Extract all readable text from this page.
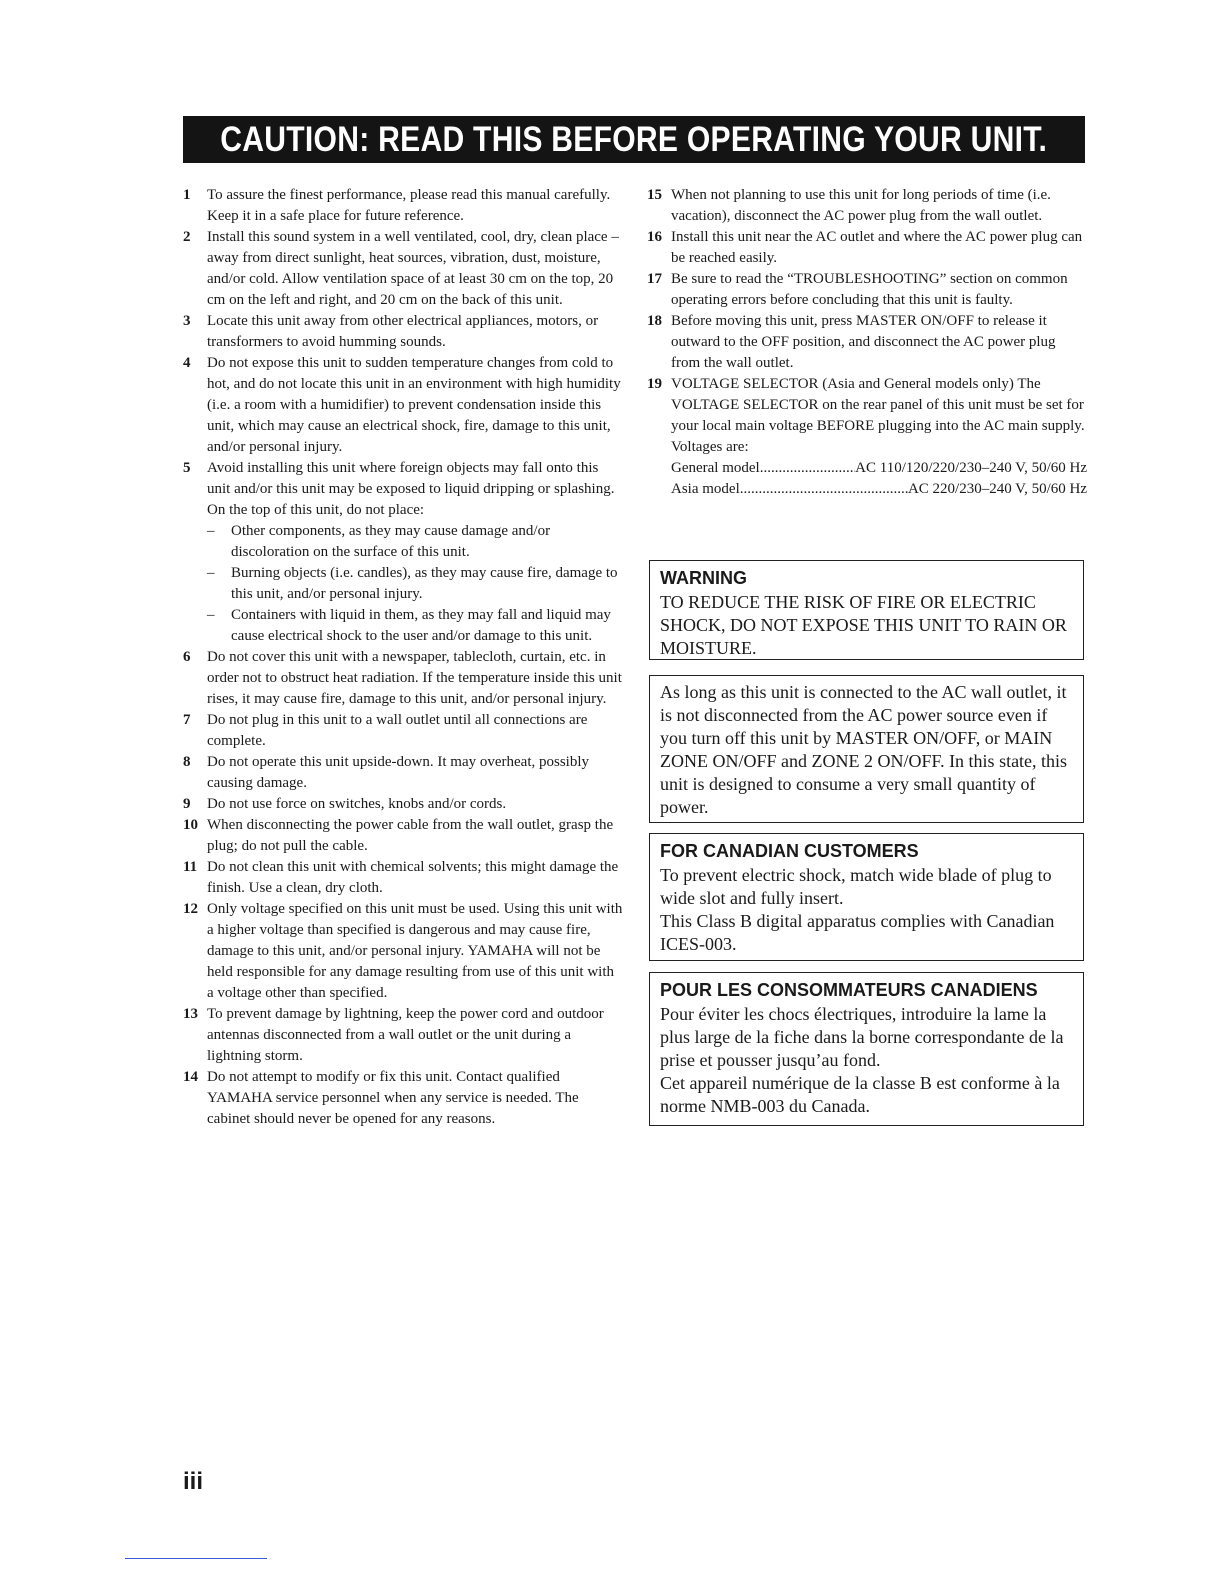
CAUTION: READ THIS BEFORE OPERATING YOUR UNIT.
1	To assure the finest performance, please read this manual carefully. Keep it in a safe place for future reference.
2	Install this sound system in a well ventilated, cool, dry, clean place – away from direct sunlight, heat sources, vibration, dust, moisture, and/or cold. Allow ventilation space of at least 30 cm on the top, 20 cm on the left and right, and 20 cm on the back of this unit.
3	Locate this unit away from other electrical appliances, motors, or transformers to avoid humming sounds.
4	Do not expose this unit to sudden temperature changes from cold to hot, and do not locate this unit in an environment with high humidity (i.e. a room with a humidifier) to prevent condensation inside this unit, which may cause an electrical shock, fire, damage to this unit, and/or personal injury.
5	Avoid installing this unit where foreign objects may fall onto this unit and/or this unit may be exposed to liquid dripping or splashing. On the top of this unit, do not place:
–	Other components, as they may cause damage and/or discoloration on the surface of this unit.
–	Burning objects (i.e. candles), as they may cause fire, damage to this unit, and/or personal injury.
–	Containers with liquid in them, as they may fall and liquid may cause electrical shock to the user and/or damage to this unit.
6	Do not cover this unit with a newspaper, tablecloth, curtain, etc. in order not to obstruct heat radiation. If the temperature inside this unit rises, it may cause fire, damage to this unit, and/or personal injury.
7	Do not plug in this unit to a wall outlet until all connections are complete.
8	Do not operate this unit upside-down. It may overheat, possibly causing damage.
9	Do not use force on switches, knobs and/or cords.
10 When disconnecting the power cable from the wall outlet, grasp the plug; do not pull the cable.
11 Do not clean this unit with chemical solvents; this might damage the finish. Use a clean, dry cloth.
12 Only voltage specified on this unit must be used. Using this unit with a higher voltage than specified is dangerous and may cause fire, damage to this unit, and/or personal injury. YAMAHA will not be held responsible for any damage resulting from use of this unit with a voltage other than specified.
13 To prevent damage by lightning, keep the power cord and outdoor antennas disconnected from a wall outlet or the unit during a lightning storm.
14 Do not attempt to modify or fix this unit. Contact qualified YAMAHA service personnel when any service is needed. The cabinet should never be opened for any reasons.
15 When not planning to use this unit for long periods of time (i.e. vacation), disconnect the AC power plug from the wall outlet.
16 Install this unit near the AC outlet and where the AC power plug can be reached easily.
17 Be sure to read the “TROUBLESHOOTING” section on common operating errors before concluding that this unit is faulty.
18 Before moving this unit, press MASTER ON/OFF to release it outward to the OFF position, and disconnect the AC power plug from the wall outlet.
19 VOLTAGE SELECTOR (Asia and General models only) The VOLTAGE SELECTOR on the rear panel of this unit must be set for your local main voltage BEFORE plugging into the AC main supply. Voltages are:
General model .....	AC 110/120/220/230–240 V, 50/60 Hz
Asia model .....	AC 220/230–240 V, 50/60 Hz
WARNING
TO REDUCE THE RISK OF FIRE OR ELECTRIC SHOCK, DO NOT EXPOSE THIS UNIT TO RAIN OR MOISTURE.
As long as this unit is connected to the AC wall outlet, it is not disconnected from the AC power source even if you turn off this unit by MASTER ON/OFF, or MAIN ZONE ON/OFF and ZONE 2 ON/OFF. In this state, this unit is designed to consume a very small quantity of power.
FOR CANADIAN CUSTOMERS
To prevent electric shock, match wide blade of plug to wide slot and fully insert.
This Class B digital apparatus complies with Canadian ICES-003.
POUR LES CONSOMMATEURS CANADIENS
Pour éviter les chocs électriques, introduire la lame la plus large de la fiche dans la borne correspondante de la prise et pousser jusqu’au fond.
Cet appareil numérique de la classe B est conforme à la norme NMB-003 du Canada.
iii
